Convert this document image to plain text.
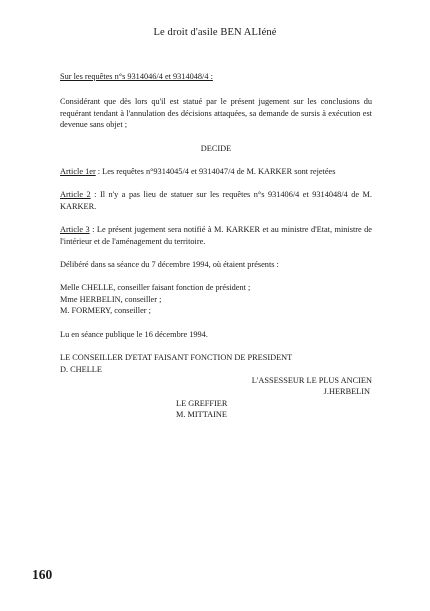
Le droit d'asile BEN ALIéné

Sur les requêtes n°s 9314046/4 et 9314048/4 :

Considérant que dès lors qu'il est statué par le présent jugement sur les conclusions du requérant tendant à l'annulation des décisions attaquées, sa demande de sursis à exécution est devenue sans objet ;

DECIDE

Article 1er : Les requêtes n°9314045/4 et 9314047/4 de M. KARKER sont rejetées

Article 2 : Il n'y a pas lieu de statuer sur les requêtes n°s 931406/4 et 9314048/4 de M. KARKER.

Article 3 : Le présent jugement sera notifié à M. KARKER et au ministre d'Etat, ministre de l'intérieur et de l'aménagement du territoire.

Délibéré dans sa séance du 7 décembre 1994, où étaient présents :

Melle CHELLE, conseiller faisant fonction de président ;

Mme HERBELIN, conseiller ;

M. FORMERY, conseiller ;

Lu en séance publique le 16 décembre 1994.

LE CONSEILLER D'ETAT FAISANT FONCTION DE PRESIDENT

D. CHELLE

L'ASSESSEUR LE PLUS ANCIEN

J.HERBELIN

LE GREFFIER

M. MITTAINE

160
